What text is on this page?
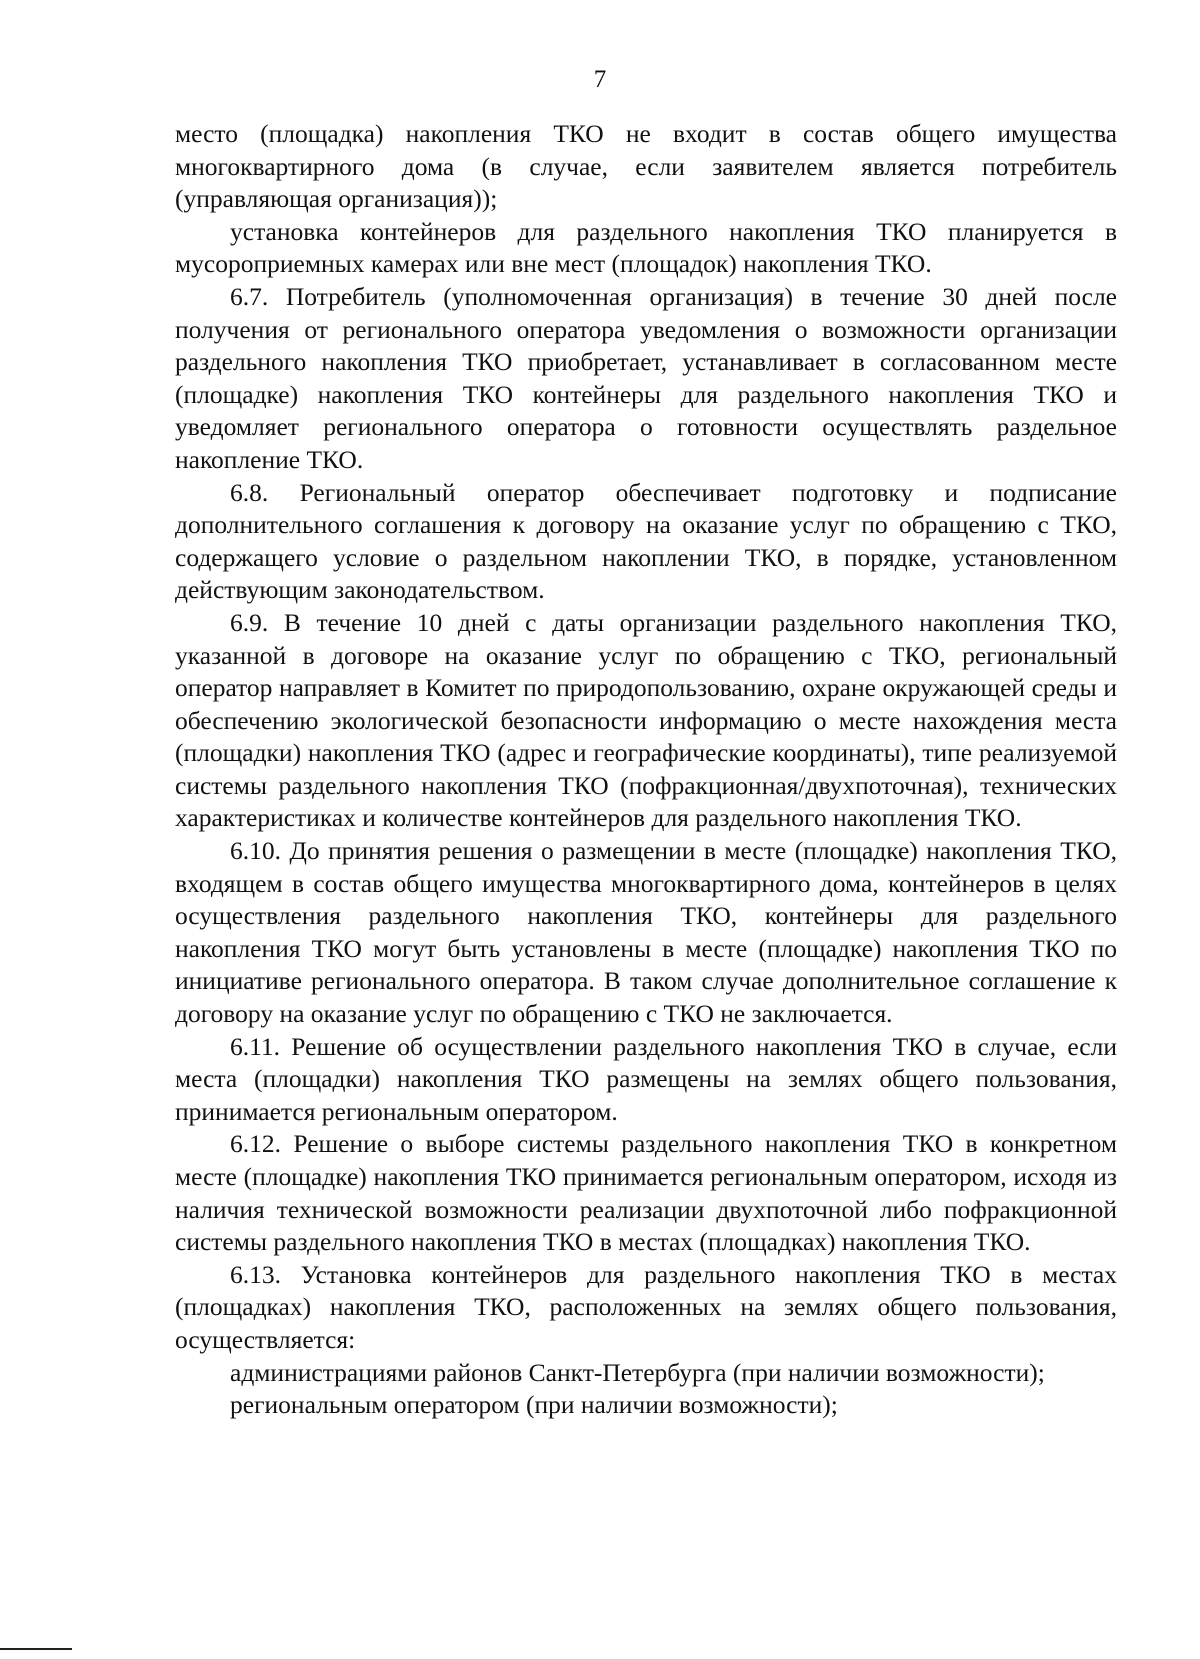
7

место (площадка) накопления ТКО не входит в состав общего имущества многоквартирного дома (в случае, если заявителем является потребитель (управляющая организация));

установка контейнеров для раздельного накопления ТКО планируется в мусороприемных камерах или вне мест (площадок) накопления ТКО.

6.7. Потребитель (уполномоченная организация) в течение 30 дней после получения от регионального оператора уведомления о возможности организации раздельного накопления ТКО приобретает, устанавливает в согласованном месте (площадке) накопления ТКО контейнеры для раздельного накопления ТКО и уведомляет регионального оператора о готовности осуществлять раздельное накопление ТКО.

6.8. Региональный оператор обеспечивает подготовку и подписание дополнительного соглашения к договору на оказание услуг по обращению с ТКО, содержащего условие о раздельном накоплении ТКО, в порядке, установленном действующим законодательством.

6.9. В течение 10 дней с даты организации раздельного накопления ТКО, указанной в договоре на оказание услуг по обращению с ТКО, региональный оператор направляет в Комитет по природопользованию, охране окружающей среды и обеспечению экологической безопасности информацию о месте нахождения места (площадки) накопления ТКО (адрес и географические координаты), типе реализуемой системы раздельного накопления ТКО (пофракционная/двухпоточная), технических характеристиках и количестве контейнеров для раздельного накопления ТКО.

6.10. До принятия решения о размещении в месте (площадке) накопления ТКО, входящем в состав общего имущества многоквартирного дома, контейнеров в целях осуществления раздельного накопления ТКО, контейнеры для раздельного накопления ТКО могут быть установлены в месте (площадке) накопления ТКО по инициативе регионального оператора. В таком случае дополнительное соглашение к договору на оказание услуг по обращению с ТКО не заключается.

6.11. Решение об осуществлении раздельного накопления ТКО в случае, если места (площадки) накопления ТКО размещены на землях общего пользования, принимается региональным оператором.

6.12. Решение о выборе системы раздельного накопления ТКО в конкретном месте (площадке) накопления ТКО принимается региональным оператором, исходя из наличия технической возможности реализации двухпоточной либо пофракционной системы раздельного накопления ТКО в местах (площадках) накопления ТКО.

6.13. Установка контейнеров для раздельного накопления ТКО в местах (площадках) накопления ТКО, расположенных на землях общего пользования, осуществляется:

администрациями районов Санкт-Петербурга (при наличии возможности);

региональным оператором (при наличии возможности);
